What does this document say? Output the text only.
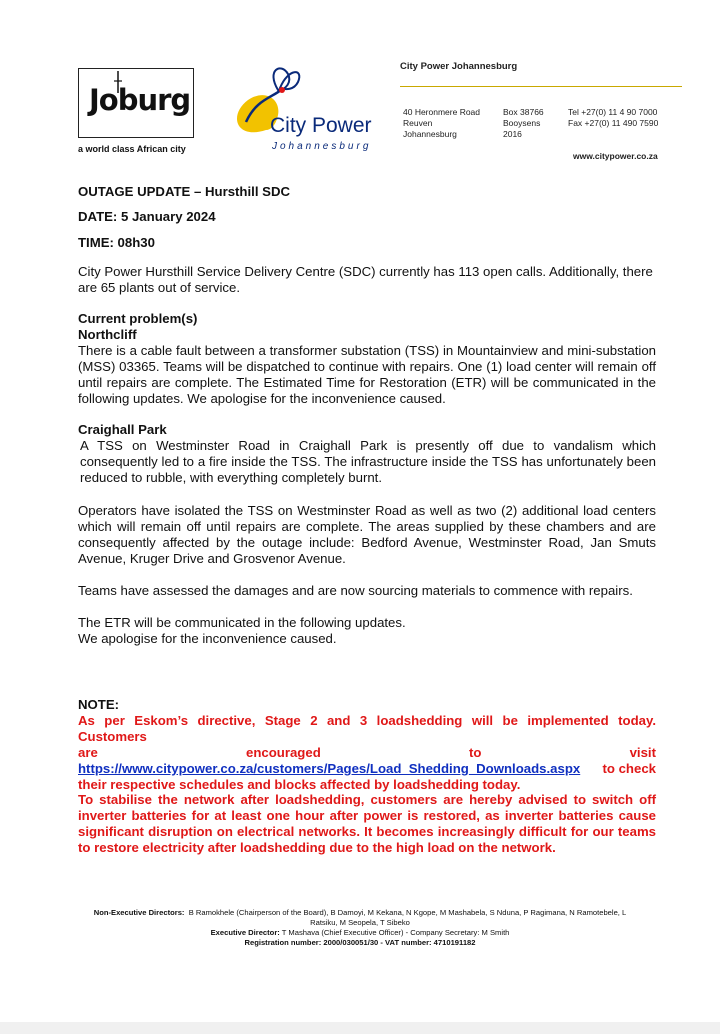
Joburg
a world class African city
City Power
Johannesburg
City Power Johannesburg
40 Heronmere Road
Reuven
Johannesburg
Box 38766
Booysens
2016
Tel +27(0) 11 4 90 7000
Fax +27(0) 11 490 7590
www.citypower.co.za
OUTAGE UPDATE – Hursthill SDC
DATE: 5 January 2024
TIME: 08h30
City Power Hursthill Service Delivery Centre (SDC) currently has 113 open calls. Additionally, there
are 65 plants out of service.
Current problem(s)
Northcliff
There is a cable fault between a transformer substation (TSS) in Mountainview and mini-substation (MSS) 03365. Teams will be dispatched to continue with repairs. One (1) load center will remain off until repairs are complete. The Estimated Time for Restoration (ETR) will be communicated in the following updates. We apologise for the inconvenience caused.
Craighall Park
A TSS on Westminster Road in Craighall Park is presently off due to vandalism which consequently led to a fire inside the TSS. The infrastructure inside the TSS has unfortunately been reduced to rubble, with everything completely burnt.
Operators have isolated the TSS on Westminster Road as well as two (2) additional load centers which will remain off until repairs are complete. The areas supplied by these chambers and are consequently affected by the outage include: Bedford Avenue, Westminster Road, Jan Smuts Avenue, Kruger Drive and Grosvenor Avenue.
Teams have assessed the damages and are now sourcing materials to commence with repairs.
The ETR will be communicated in the following updates.
We apologise for the inconvenience caused.
NOTE:
As per Eskom’s directive, Stage 2 and 3 loadshedding will be implemented today. Customers
are	encouraged	to	visit
https://www.citypower.co.za/customers/Pages/Load_Shedding_Downloads.aspx to check
their respective schedules and blocks affected by loadshedding today.
To stabilise the network after loadshedding, customers are hereby advised to switch off inverter batteries for at least one hour after power is restored, as inverter batteries cause significant disruption on electrical networks. It becomes increasingly difficult for our teams to restore electricity after loadshedding due to the high load on the network.
Non-Executive Directors: B Ramokhele (Chairperson of the Board), B Damoyi, M Kekana, N Kgope, M Mashabela, S Nduna, P Ragimana, N Ramotebele, L Ratsiku, M Seopela, T Sibeko
Executive Director: T Mashava (Chief Executive Officer) - Company Secretary: M Smith
Registration number: 2000/030051/30 - VAT number: 4710191182
